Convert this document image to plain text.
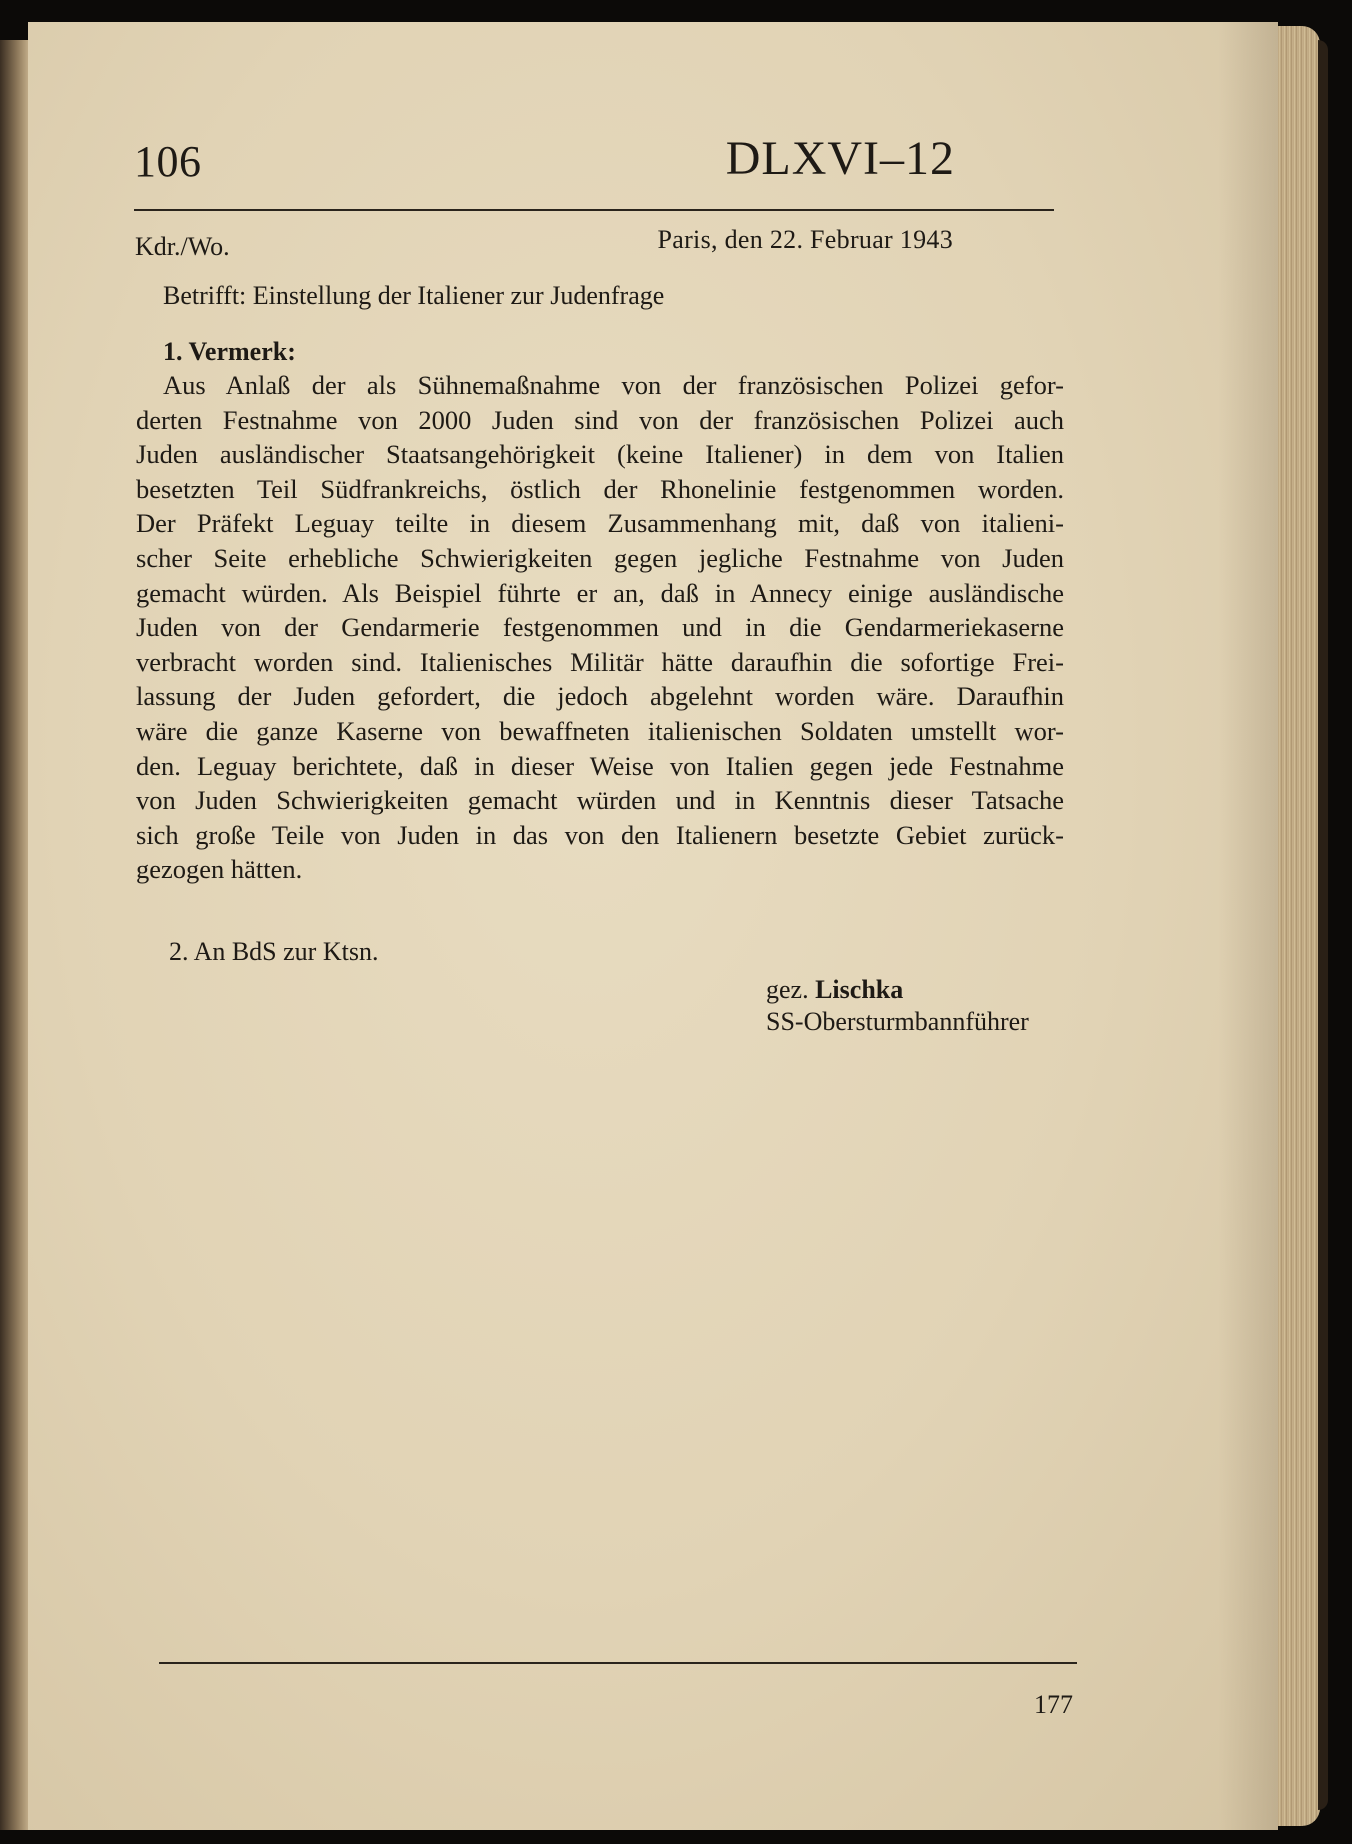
106	DLXVI–12
Kdr./Wo.	Paris, den 22. Februar 1943
Betrifft: Einstellung der Italiener zur Judenfrage
1. Vermerk:
Aus Anlaß der als Sühnemaßnahme von der französischen Polizei gefor-
derten Festnahme von 2000 Juden sind von der französischen Polizei auch
Juden ausländischer Staatsangehörigkeit (keine Italiener) in dem von Italien
besetzten Teil Südfrankreichs, östlich der Rhonelinie festgenommen worden.
Der Präfekt Leguay teilte in diesem Zusammenhang mit, daß von italieni-
scher Seite erhebliche Schwierigkeiten gegen jegliche Festnahme von Juden
gemacht würden. Als Beispiel führte er an, daß in Annecy einige ausländische
Juden von der Gendarmerie festgenommen und in die Gendarmeriekaserne
verbracht worden sind. Italienisches Militär hätte daraufhin die sofortige Frei-
lassung der Juden gefordert, die jedoch abgelehnt worden wäre. Daraufhin
wäre die ganze Kaserne von bewaffneten italienischen Soldaten umstellt wor-
den. Leguay berichtete, daß in dieser Weise von Italien gegen jede Festnahme
von Juden Schwierigkeiten gemacht würden und in Kenntnis dieser Tatsache
sich große Teile von Juden in das von den Italienern besetzte Gebiet zurück-
gezogen hätten.
2. An BdS zur Ktsn.
gez. Lischka
SS-Obersturmbannführer
177
